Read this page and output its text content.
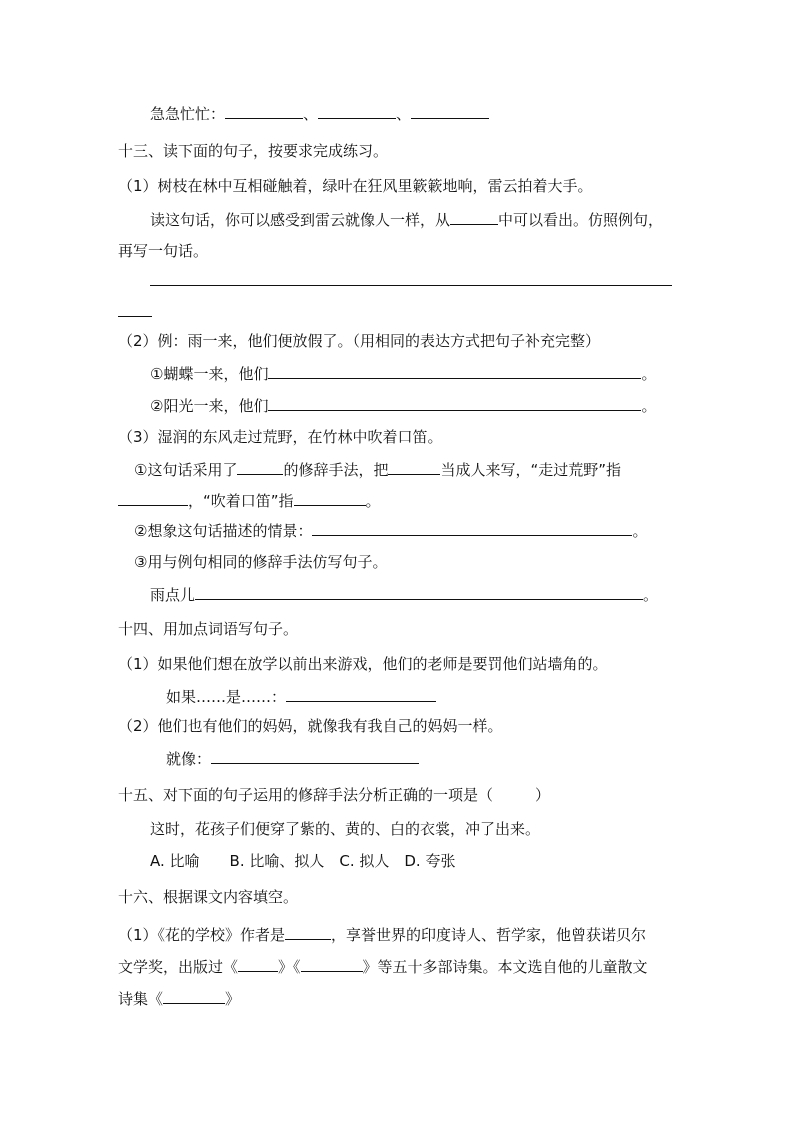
急急忙忙：	、	、
十三、读下面的句子，按要求完成练习。
（1）树枝在林中互相碰触着，绿叶在狂风里簌簌地响，雷云拍着大手。
读这句话，你可以感受到雷云就像人一样，从	中可以看出。仿照例句，
再写一句话。
（2）例：雨一来，他们便放假了。（用相同的表达方式把句子补充完整）
①蝴蝶一来，他们	。
②阳光一来，他们	。
（3）湿润的东风走过荒野，在竹林中吹着口笛。
①这句话采用了	的修辞手法，把	当成人来写，“走过荒野”指
，“吹着口笛”指	。
②想象这句话描述的情景：	。
③用与例句相同的修辞手法仿写句子。
雨点儿	。
十四、用加点词语写句子。
（1）如果他们想在放学以前出来游戏，他们的老师是要罚他们站墙角的。
如果……是……：
（2）他们也有他们的妈妈，就像我有我自己的妈妈一样。
就像：
十五、对下面的句子运用的修辞手法分析正确的一项是（	）
这时，花孩子们便穿了紫的、黄的、白的衣裳，冲了出来。
A. 比喻　　B. 比喻、拟人　C. 拟人　D. 夸张
十六、根据课文内容填空。
（1）《花的学校》作者是	，享誉世界的印度诗人、哲学家，他曾获诺贝尔
文学奖，出版过《	》《	》等五十多部诗集。本文选自他的儿童散文
诗集《	》
